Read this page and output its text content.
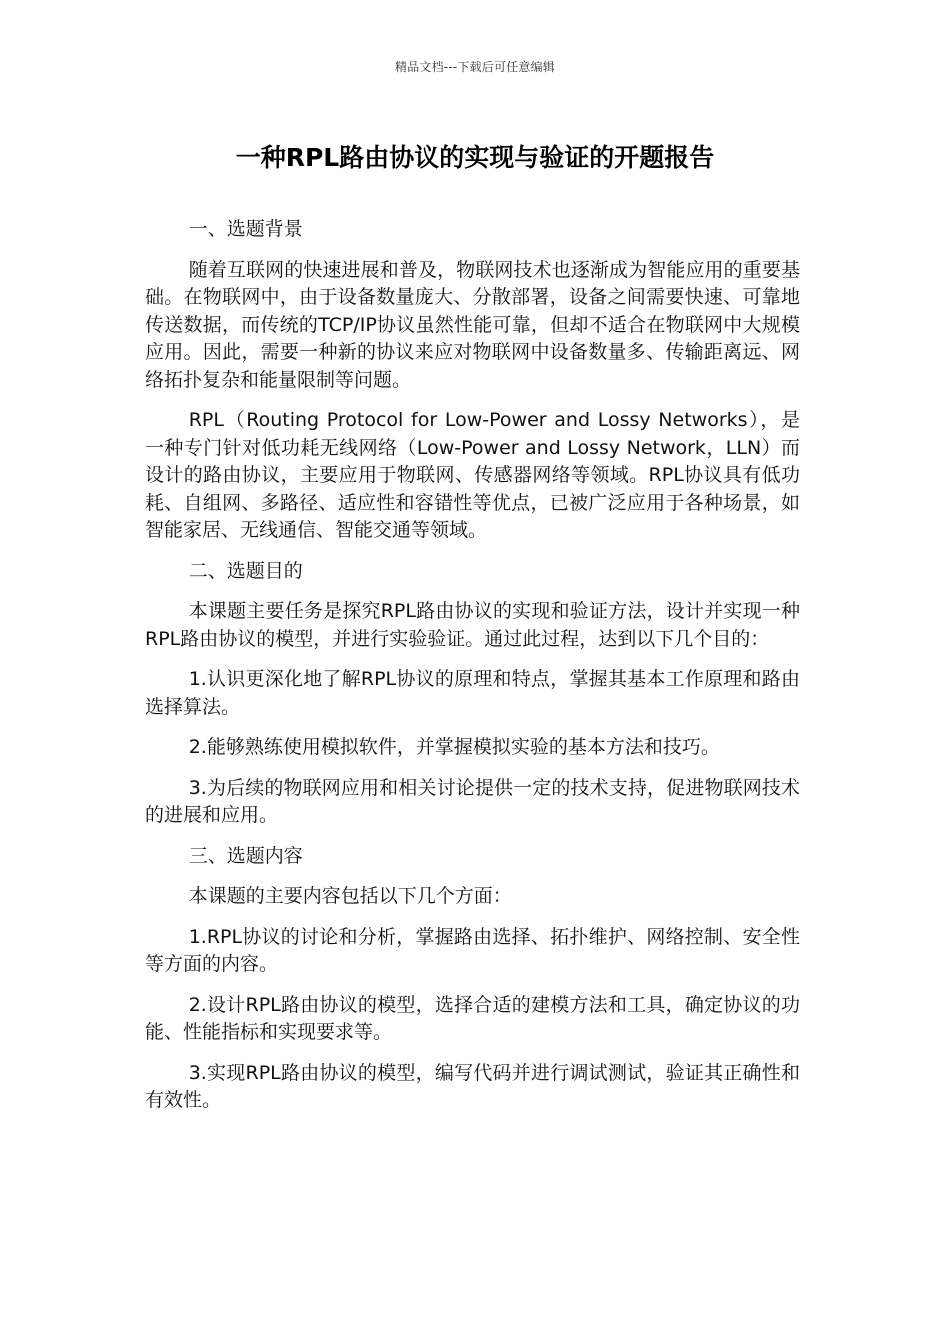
精品文档---下载后可任意编辑
一种RPL路由协议的实现与验证的开题报告

一、选题背景

随着互联网的快速进展和普及，物联网技术也逐渐成为智能应用的重要基础。在物联网中，由于设备数量庞大、分散部署，设备之间需要快速、可靠地传送数据，而传统的TCP/IP协议虽然性能可靠，但却不适合在物联网中大规模应用。因此，需要一种新的协议来应对物联网中设备数量多、传输距离远、网络拓扑复杂和能量限制等问题。

RPL（Routing Protocol for Low-Power and Lossy Networks），是一种专门针对低功耗无线网络（Low-Power and Lossy Network，LLN）而设计的路由协议，主要应用于物联网、传感器网络等领域。RPL协议具有低功耗、自组网、多路径、适应性和容错性等优点，已被广泛应用于各种场景，如智能家居、无线通信、智能交通等领域。

二、选题目的

本课题主要任务是探究RPL路由协议的实现和验证方法，设计并实现一种RPL路由协议的模型，并进行实验验证。通过此过程，达到以下几个目的：

1.认识更深化地了解RPL协议的原理和特点，掌握其基本工作原理和路由选择算法。

2.能够熟练使用模拟软件，并掌握模拟实验的基本方法和技巧。

3.为后续的物联网应用和相关讨论提供一定的技术支持，促进物联网技术的进展和应用。

三、选题内容

本课题的主要内容包括以下几个方面：

1.RPL协议的讨论和分析，掌握路由选择、拓扑维护、网络控制、安全性等方面的内容。

2.设计RPL路由协议的模型，选择合适的建模方法和工具，确定协议的功能、性能指标和实现要求等。

3.实现RPL路由协议的模型，编写代码并进行调试测试，验证其正确性和有效性。
